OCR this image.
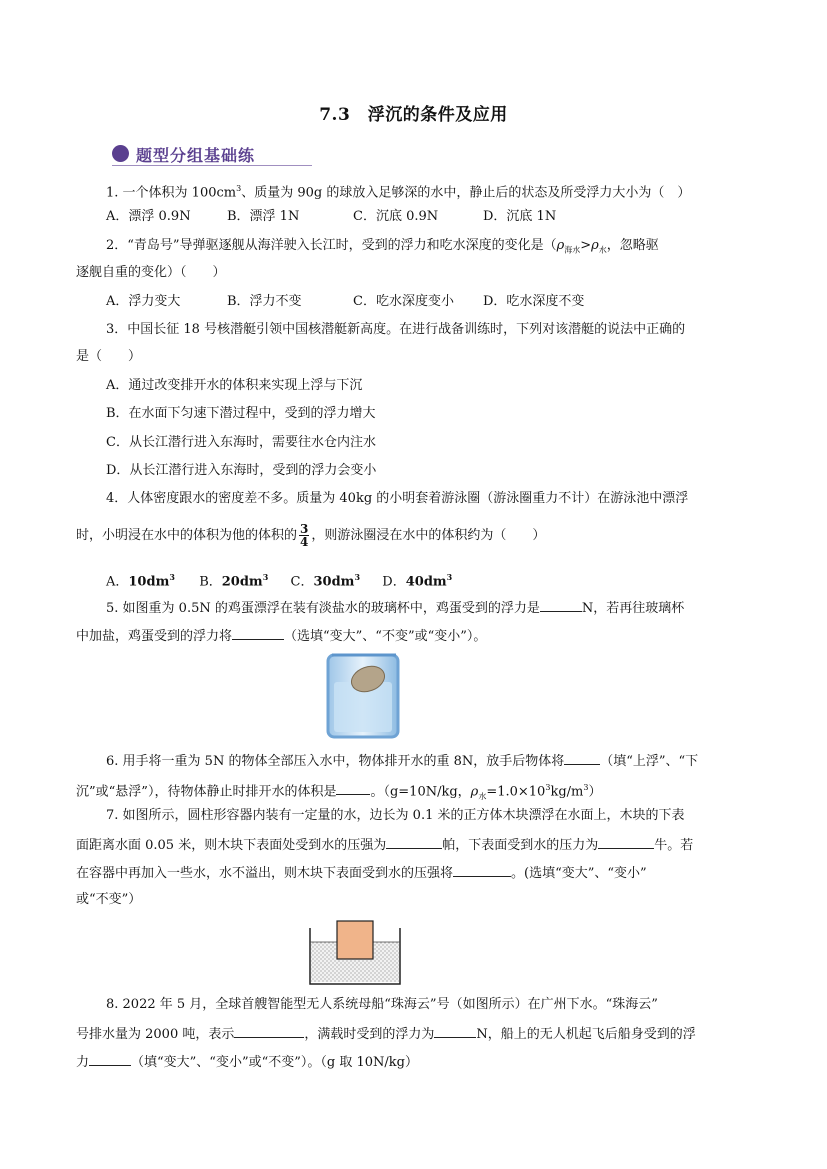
7.3　浮沉的条件及应用
题型分组基础练
1. 一个体积为 $100cm^3$、质量为 90g 的球放入足够深的水中，静止后的状态及所受浮力大小为（　）
A．漂浮 0.9N	B．漂浮 1N	C．沉底 0.9N	D．沉底 1N
2．“青岛号”导弹驱逐舰从海洋驶入长江时，受到的浮力和吃水深度的变化是（$\rho_{海水}>\rho_水$，忽略驱
逐舰自重的变化）（　　）
A．浮力变大	B．浮力不变	C．吃水深度变小 D．吃水深度不变
3．中国长征 18 号核潜艇引领中国核潜艇新高度。在进行战备训练时，下列对该潜艇的说法中正确的
是（　　）
A．通过改变排开水的体积来实现上浮与下沉
B．在水面下匀速下潜过程中，受到的浮力增大
C．从长江潜行进入东海时，需要往水仓内注水
D．从长江潜行进入东海时，受到的浮力会变小
4．人体密度跟水的密度差不多。质量为 40kg 的小明套着游泳圈（游泳圈重力不计）在游泳池中漂浮
时，小明浸在水中的体积为他的体积的 $\frac{3}{4}$ ，则游泳圈浸在水中的体积约为（　　）
A．$10dm^3$ B．$20dm^3$ C．$30dm^3$ D．$40dm^3$
5. 如图重为 0.5N 的鸡蛋漂浮在装有淡盐水的玻璃杯中，鸡蛋受到的浮力是	N，若再往玻璃杯
中加盐，鸡蛋受到的浮力将	（选填“变大”、“不变”或“变小”）。
6. 用手将一重为 5N 的物体全部压入水中，物体排开水的重 8N，放手后物体将	（填“上浮”、“下
沉”或“悬浮”），待物体静止时排开水的体积是	。（g=10N/kg，$\rho_水=1.0\times 10^3kg/m^3$）
7. 如图所示，圆柱形容器内装有一定量的水，边长为 0.1 米的正方体木块漂浮在水面上，木块的下表
面距离水面 0.05 米，则木块下表面处受到水的压强为	帕，下表面受到水的压力为	牛。若
在容器中再加入一些水，水不溢出，则木块下表面受到水的压强将	。(选填“变大”、“变小”
或“不变”）
8. 2022 年 5 月，全球首艘智能型无人系统母船“珠海云”号（如图所示）在广州下水。“珠海云”
号排水量为 2000 吨，表示	，满载时受到的浮力为	N，船上的无人机起飞后船身受到的浮
力	（填“变大”、“变小”或“不变”）。（g 取 10N/kg）
